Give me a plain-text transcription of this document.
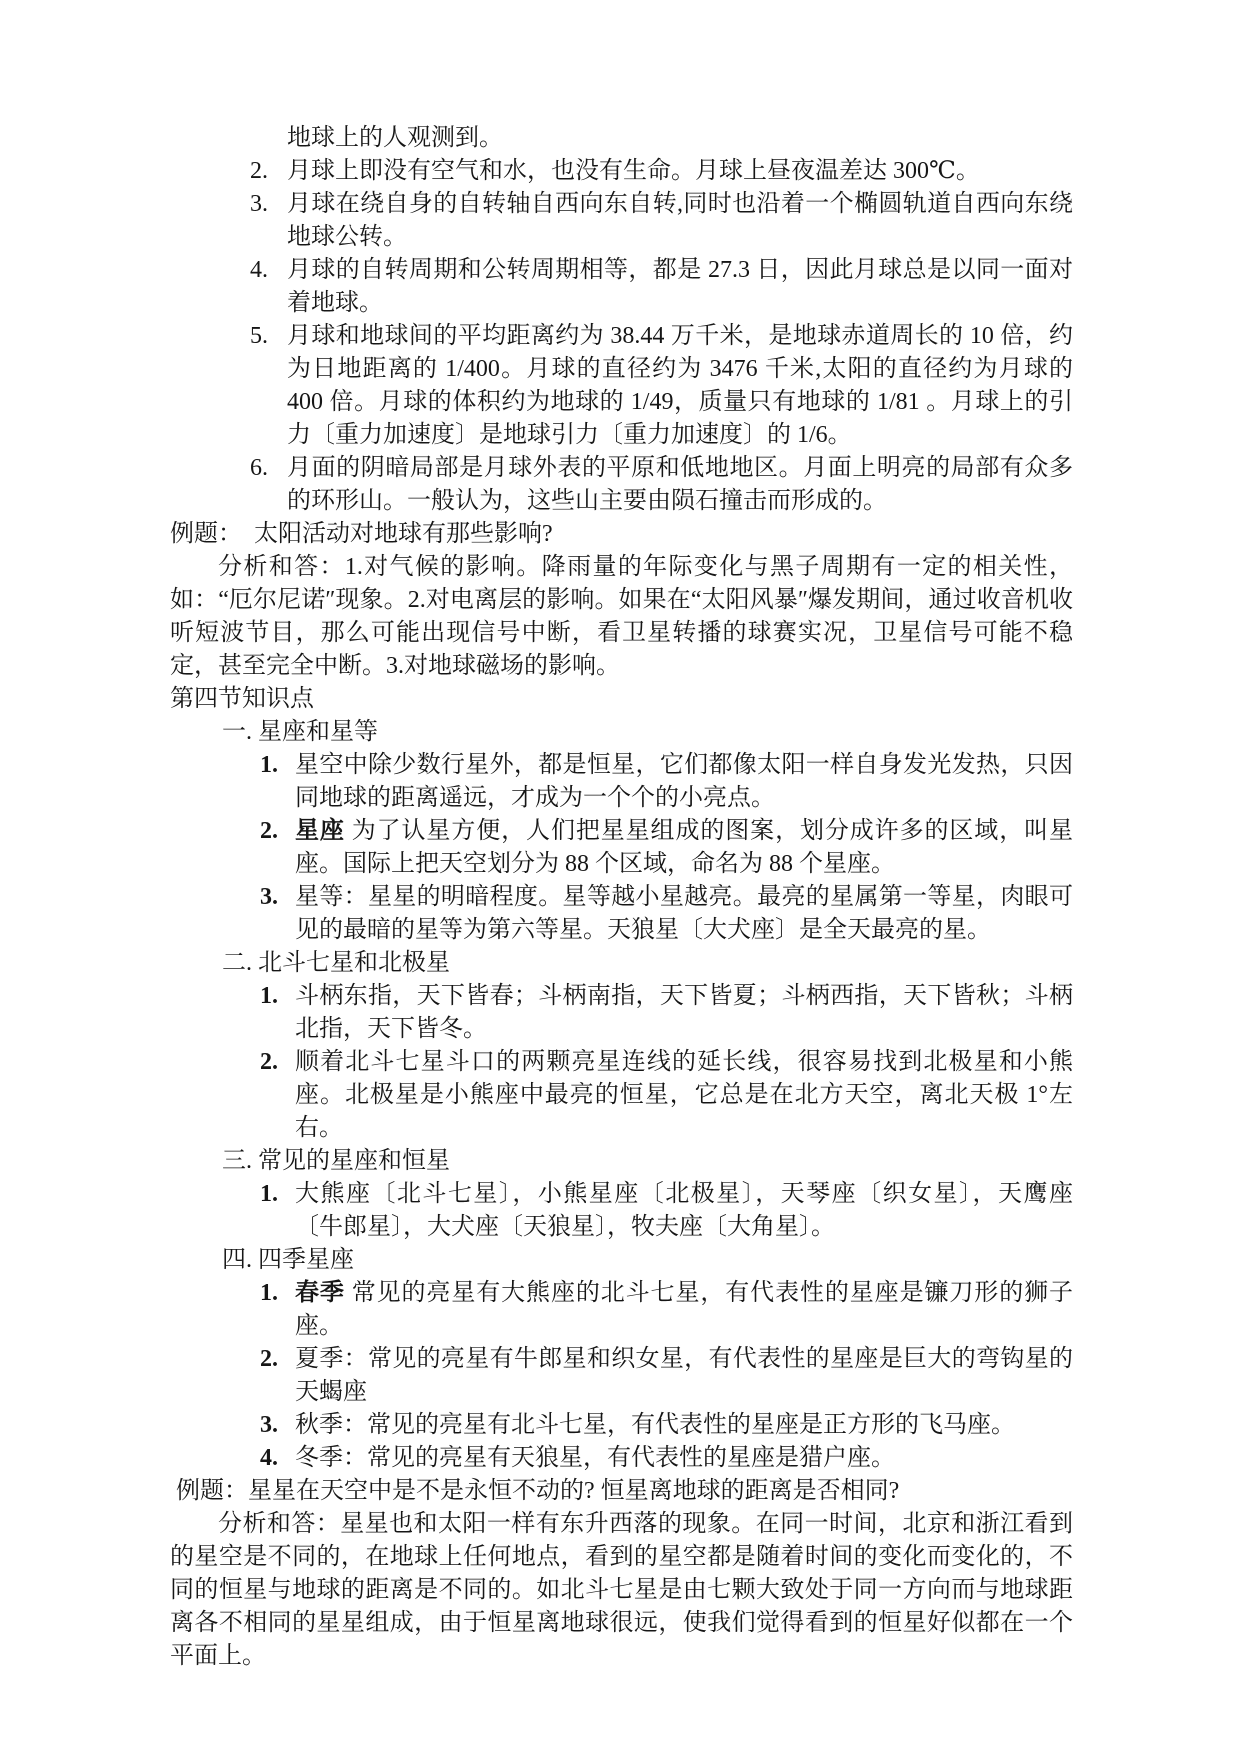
地球上的人观测到。
2. 月球上即没有空气和水，也没有生命。月球上昼夜温差达 300℃。
3. 月球在绕自身的自转轴自西向东自转,同时也沿着一个椭圆轨道自西向东绕地球公转。
4. 月球的自转周期和公转周期相等，都是 27.3 日，因此月球总是以同一面对着地球。
5. 月球和地球间的平均距离约为 38.44 万千米，是地球赤道周长的 10 倍，约为日地距离的 1/400。月球的直径约为 3476 千米,太阳的直径约为月球的 400 倍。月球的体积约为地球的 1/49，质量只有地球的 1/81 。月球上的引力〔重力加速度〕是地球引力〔重力加速度〕的 1/6。
6. 月面的阴暗局部是月球外表的平原和低地地区。月面上明亮的局部有众多的环形山。一般认为，这些山主要由陨石撞击而形成的。
例题：  太阳活动对地球有那些影响?
分析和答：1.对气候的影响。降雨量的年际变化与黑子周期有一定的相关性，如：“厄尔尼诺″现象。2.对电离层的影响。如果在“太阳风暴″爆发期间，通过收音机收听短波节目，那么可能出现信号中断，看卫星转播的球赛实况，卫星信号可能不稳定，甚至完全中断。3.对地球磁场的影响。
第四节知识点
一. 星座和星等
1. 星空中除少数行星外，都是恒星，它们都像太阳一样自身发光发热，只因同地球的距离遥远，才成为一个个的小亮点。
2. 星座 为了认星方便，人们把星星组成的图案，划分成许多的区域，叫星座。国际上把天空划分为 88 个区域，命名为 88 个星座。
3. 星等：星星的明暗程度。星等越小星越亮。最亮的星属第一等星，肉眼可见的最暗的星等为第六等星。天狼星〔大犬座〕是全天最亮的星。
二. 北斗七星和北极星
1. 斗柄东指，天下皆春；斗柄南指，天下皆夏；斗柄西指，天下皆秋；斗柄北指，天下皆冬。
2. 顺着北斗七星斗口的两颗亮星连线的延长线，很容易找到北极星和小熊座。北极星是小熊座中最亮的恒星，它总是在北方天空，离北天极 1°左右。
三. 常见的星座和恒星
1. 大熊座〔北斗七星〕，小熊星座〔北极星〕，天琴座〔织女星〕，天鹰座〔牛郎星〕，大犬座〔天狼星〕，牧夫座〔大角星〕。
四. 四季星座
1. 春季 常见的亮星有大熊座的北斗七星，有代表性的星座是镰刀形的狮子座。
2. 夏季：常见的亮星有牛郎星和织女星，有代表性的星座是巨大的弯钩星的天蝎座
3. 秋季：常见的亮星有北斗七星，有代表性的星座是正方形的飞马座。
4. 冬季：常见的亮星有天狼星，有代表性的星座是猎户座。
例题：星星在天空中是不是永恒不动的? 恒星离地球的距离是否相同?
分析和答：星星也和太阳一样有东升西落的现象。在同一时间，北京和浙江看到的星空是不同的，在地球上任何地点，看到的星空都是随着时间的变化而变化的，不同的恒星与地球的距离是不同的。如北斗七星是由七颗大致处于同一方向而与地球距离各不相同的星星组成，由于恒星离地球很远，使我们觉得看到的恒星好似都在一个平面上。
